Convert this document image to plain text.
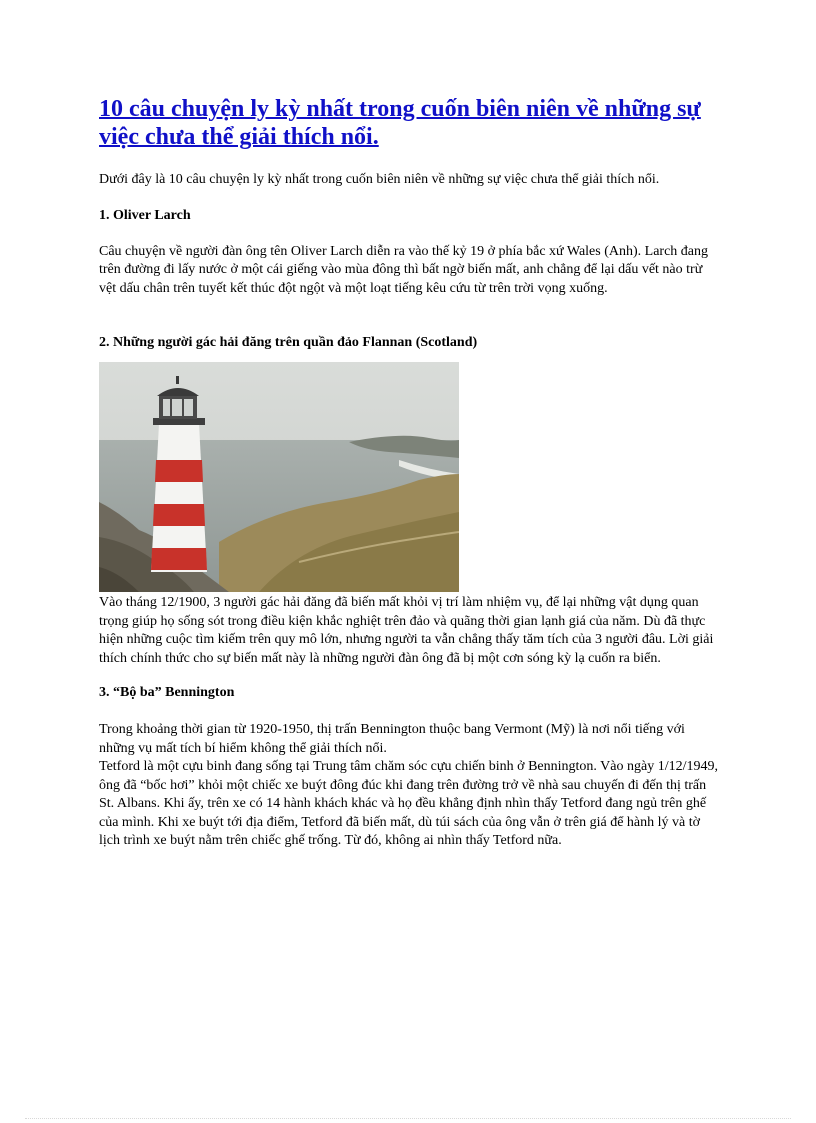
10 câu chuyện ly kỳ nhất trong cuốn biên niên về những sự việc chưa thể giải thích nổi.

Dưới đây là 10 câu chuyện ly kỳ nhất trong cuốn biên niên về những sự việc chưa thể giải thích nổi.

1. Oliver Larch

Câu chuyện về người đàn ông tên Oliver Larch diễn ra vào thế kỷ 19 ở phía bắc xứ Wales (Anh). Larch đang trên đường đi lấy nước ở một cái giếng vào mùa đông thì bất ngờ biến mất, anh chẳng để lại dấu vết nào trừ vệt dấu chân trên tuyết kết thúc đột ngột và một loạt tiếng kêu cứu từ trên trời vọng xuống.

2. Những người gác hải đăng trên quần đảo Flannan (Scotland)

Vào tháng 12/1900, 3 người gác hải đăng đã biến mất khỏi vị trí làm nhiệm vụ, để lại những vật dụng quan trọng giúp họ sống sót trong điều kiện khắc nghiệt trên đảo và quãng thời gian lạnh giá của năm. Dù đã thực hiện những cuộc tìm kiếm trên quy mô lớn, nhưng người ta vẫn chẳng thấy tăm tích của 3 người đâu. Lời giải thích chính thức cho sự biến mất này là những người đàn ông đã bị một cơn sóng kỳ lạ cuốn ra biển.

3. “Bộ ba” Bennington

Trong khoảng thời gian từ 1920-1950, thị trấn Bennington thuộc bang Vermont (Mỹ) là nơi nổi tiếng với những vụ mất tích bí hiểm không thể giải thích nổi.

Tetford là một cựu binh đang sống tại Trung tâm chăm sóc cựu chiến binh ở Bennington. Vào ngày 1/12/1949, ông đã “bốc hơi” khỏi một chiếc xe buýt đông đúc khi đang trên đường trở về nhà sau chuyến đi đến thị trấn St. Albans. Khi ấy, trên xe có 14 hành khách khác và họ đều khẳng định nhìn thấy Tetford đang ngủ trên ghế của mình. Khi xe buýt tới địa điểm, Tetford đã biến mất, dù túi sách của ông vẫn ở trên giá để hành lý và tờ lịch trình xe buýt nằm trên chiếc ghế trống. Từ đó, không ai nhìn thấy Tetford nữa.
